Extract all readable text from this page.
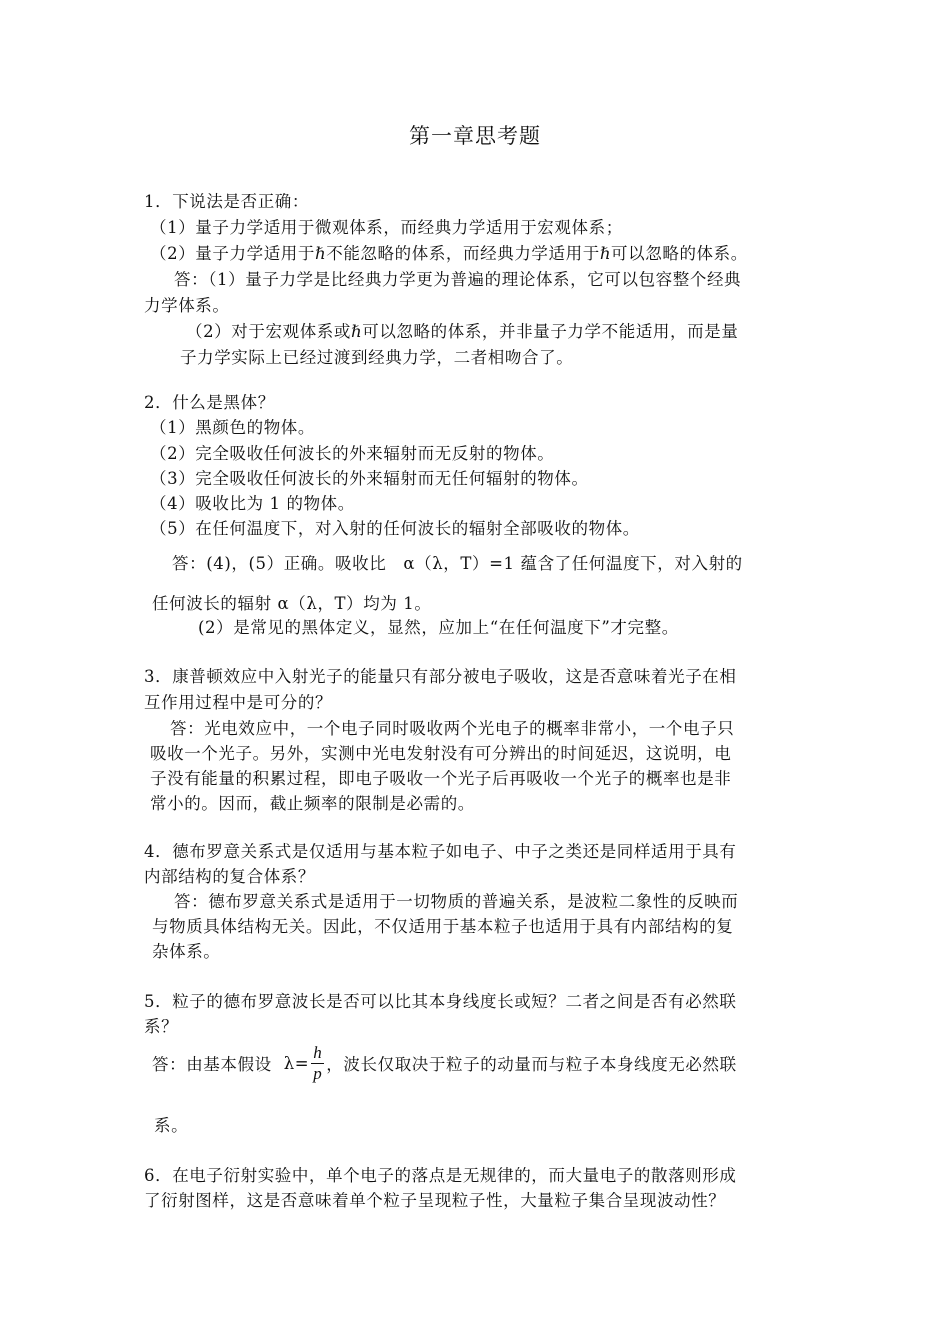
第一章思考题
1．下说法是否正确：
（1）量子力学适用于微观体系，而经典力学适用于宏观体系；
（2）量子力学适用于ℏ不能忽略的体系，而经典力学适用于ℏ可以忽略的体系。
答：（1）量子力学是比经典力学更为普遍的理论体系，它可以包容整个经典
力学体系。
（2）对于宏观体系或ℏ可以忽略的体系，并非量子力学不能适用，而是量
子力学实际上已经过渡到经典力学，二者相吻合了。
2．什么是黑体？
（1）黑颜色的物体。
（2）完全吸收任何波长的外来辐射而无反射的物体。
（3）完全吸收任何波长的外来辐射而无任何辐射的物体。
（4）吸收比为 1 的物体。
（5）在任何温度下，对入射的任何波长的辐射全部吸收的物体。
答：(4)，(5）正确。吸收比　α（λ，T）=1 蕴含了任何温度下，对入射的
任何波长的辐射 α（λ，T）均为 1。
(2）是常见的黑体定义，显然，应加上“在任何温度下”才完整。
3．康普顿效应中入射光子的能量只有部分被电子吸收，这是否意味着光子在相
互作用过程中是可分的？
答：光电效应中，一个电子同时吸收两个光电子的概率非常小，一个电子只
吸收一个光子。另外，实测中光电发射没有可分辨出的时间延迟，这说明，电
子没有能量的积累过程，即电子吸收一个光子后再吸收一个光子的概率也是非
常小的。因而，截止频率的限制是必需的。
4．德布罗意关系式是仅适用与基本粒子如电子、中子之类还是同样适用于具有
内部结构的复合体系？
答：德布罗意关系式是适用于一切物质的普遍关系，是波粒二象性的反映而
与物质具体结构无关。因此，不仅适用于基本粒子也适用于具有内部结构的复
杂体系。
5．粒子的德布罗意波长是否可以比其本身线度长或短？二者之间是否有必然联
系？
答：由基本假设 $\lambda= \frac{h}{p}$ ，波长仅取决于粒子的动量而与粒子本身线度无必然联
系。
6．在电子衍射实验中，单个电子的落点是无规律的，而大量电子的散落则形成
了衍射图样，这是否意味着单个粒子呈现粒子性，大量粒子集合呈现波动性？
